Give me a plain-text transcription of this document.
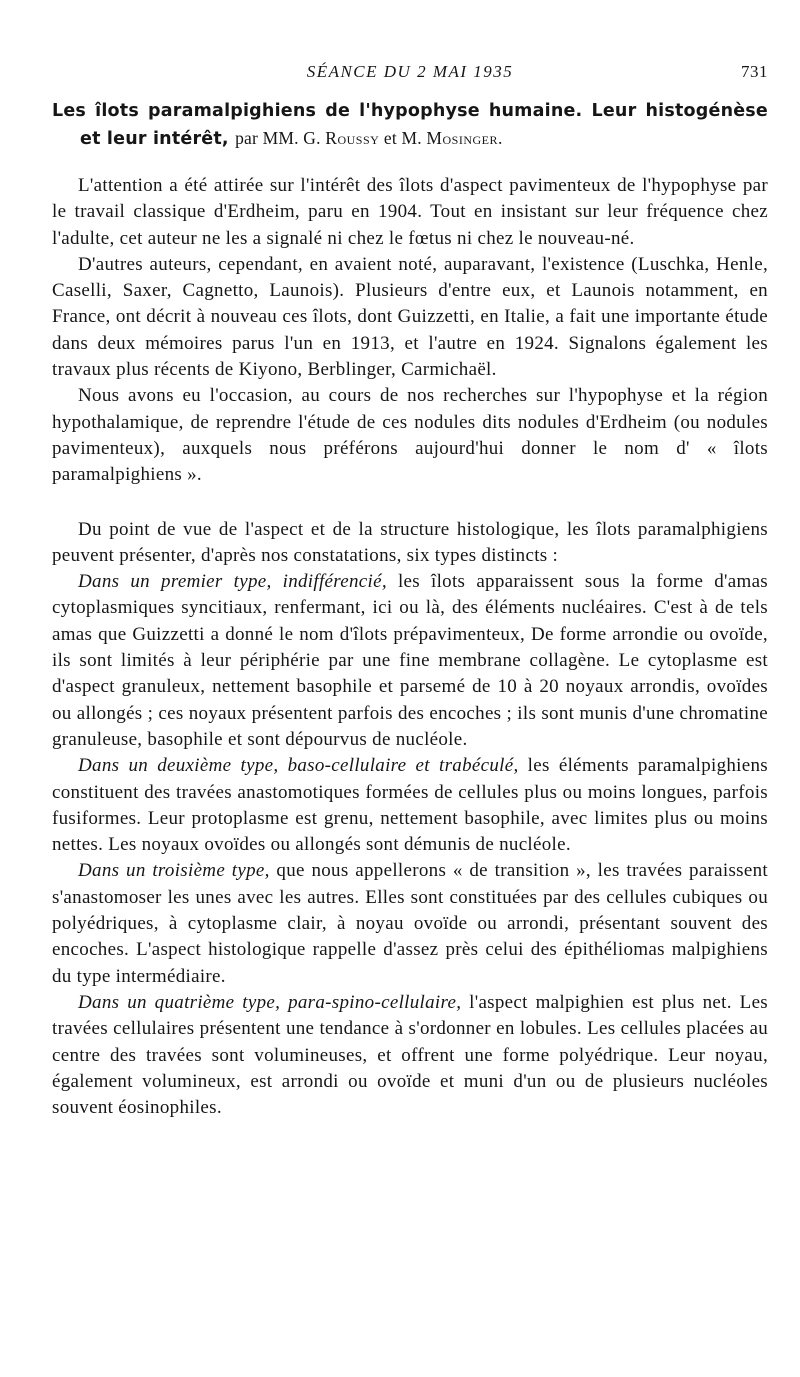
SÉANCE DU 2 MAI 1935	731
Les îlots paramalpighiens de l'hypophyse humaine. Leur histogénèse et leur intérêt, par MM. G. Roussy et M. Mosinger.

L'attention a été attirée sur l'intérêt des îlots d'aspect pavimenteux de l'hypophyse par le travail classique d'Erdheim, paru en 1904. Tout en insistant sur leur fréquence chez l'adulte, cet auteur ne les a signalé ni chez le fœtus ni chez le nouveau-né.

D'autres auteurs, cependant, en avaient noté, auparavant, l'existence (Luschka, Henle, Caselli, Saxer, Cagnetto, Launois). Plusieurs d'entre eux, et Launois notamment, en France, ont décrit à nouveau ces îlots, dont Guizzetti, en Italie, a fait une importante étude dans deux mémoires parus l'un en 1913, et l'autre en 1924. Signalons également les travaux plus récents de Kiyono, Berblinger, Carmichaël.

Nous avons eu l'occasion, au cours de nos recherches sur l'hypophyse et la région hypothalamique, de reprendre l'étude de ces nodules dits nodules d'Erdheim (ou nodules pavimenteux), auxquels nous préférons aujourd'hui donner le nom d' « îlots paramalpighiens ».

Du point de vue de l'aspect et de la structure histologique, les îlots paramalphigiens peuvent présenter, d'après nos constatations, six types distincts :

Dans un premier type, indifférencié, les îlots apparaissent sous la forme d'amas cytoplasmiques syncitiaux, renfermant, ici ou là, des éléments nucléaires. C'est à de tels amas que Guizzetti a donné le nom d'îlots prépavimenteux, De forme arrondie ou ovoïde, ils sont limités à leur périphérie par une fine membrane collagène. Le cytoplasme est d'aspect granuleux, nettement basophile et parsemé de 10 à 20 noyaux arrondis, ovoïdes ou allongés ; ces noyaux présentent parfois des encoches ; ils sont munis d'une chromatine granuleuse, basophile et sont dépourvus de nucléole.

Dans un deuxième type, baso-cellulaire et trabéculé, les éléments paramalpighiens constituent des travées anastomotiques formées de cellules plus ou moins longues, parfois fusiformes. Leur protoplasme est grenu, nettement basophile, avec limites plus ou moins nettes. Les noyaux ovoïdes ou allongés sont démunis de nucléole.

Dans un troisième type, que nous appellerons « de transition », les travées paraissent s'anastomoser les unes avec les autres. Elles sont constituées par des cellules cubiques ou polyédriques, à cytoplasme clair, à noyau ovoïde ou arrondi, présentant souvent des encoches. L'aspect histologique rappelle d'assez près celui des épithéliomas malpighiens du type intermédiaire.

Dans un quatrième type, para-spino-cellulaire, l'aspect malpighien est plus net. Les travées cellulaires présentent une tendance à s'ordonner en lobules. Les cellules placées au centre des travées sont volumineuses, et offrent une forme polyédrique. Leur noyau, également volumineux, est arrondi ou ovoïde et muni d'un ou de plusieurs nucléoles souvent éosinophiles.
